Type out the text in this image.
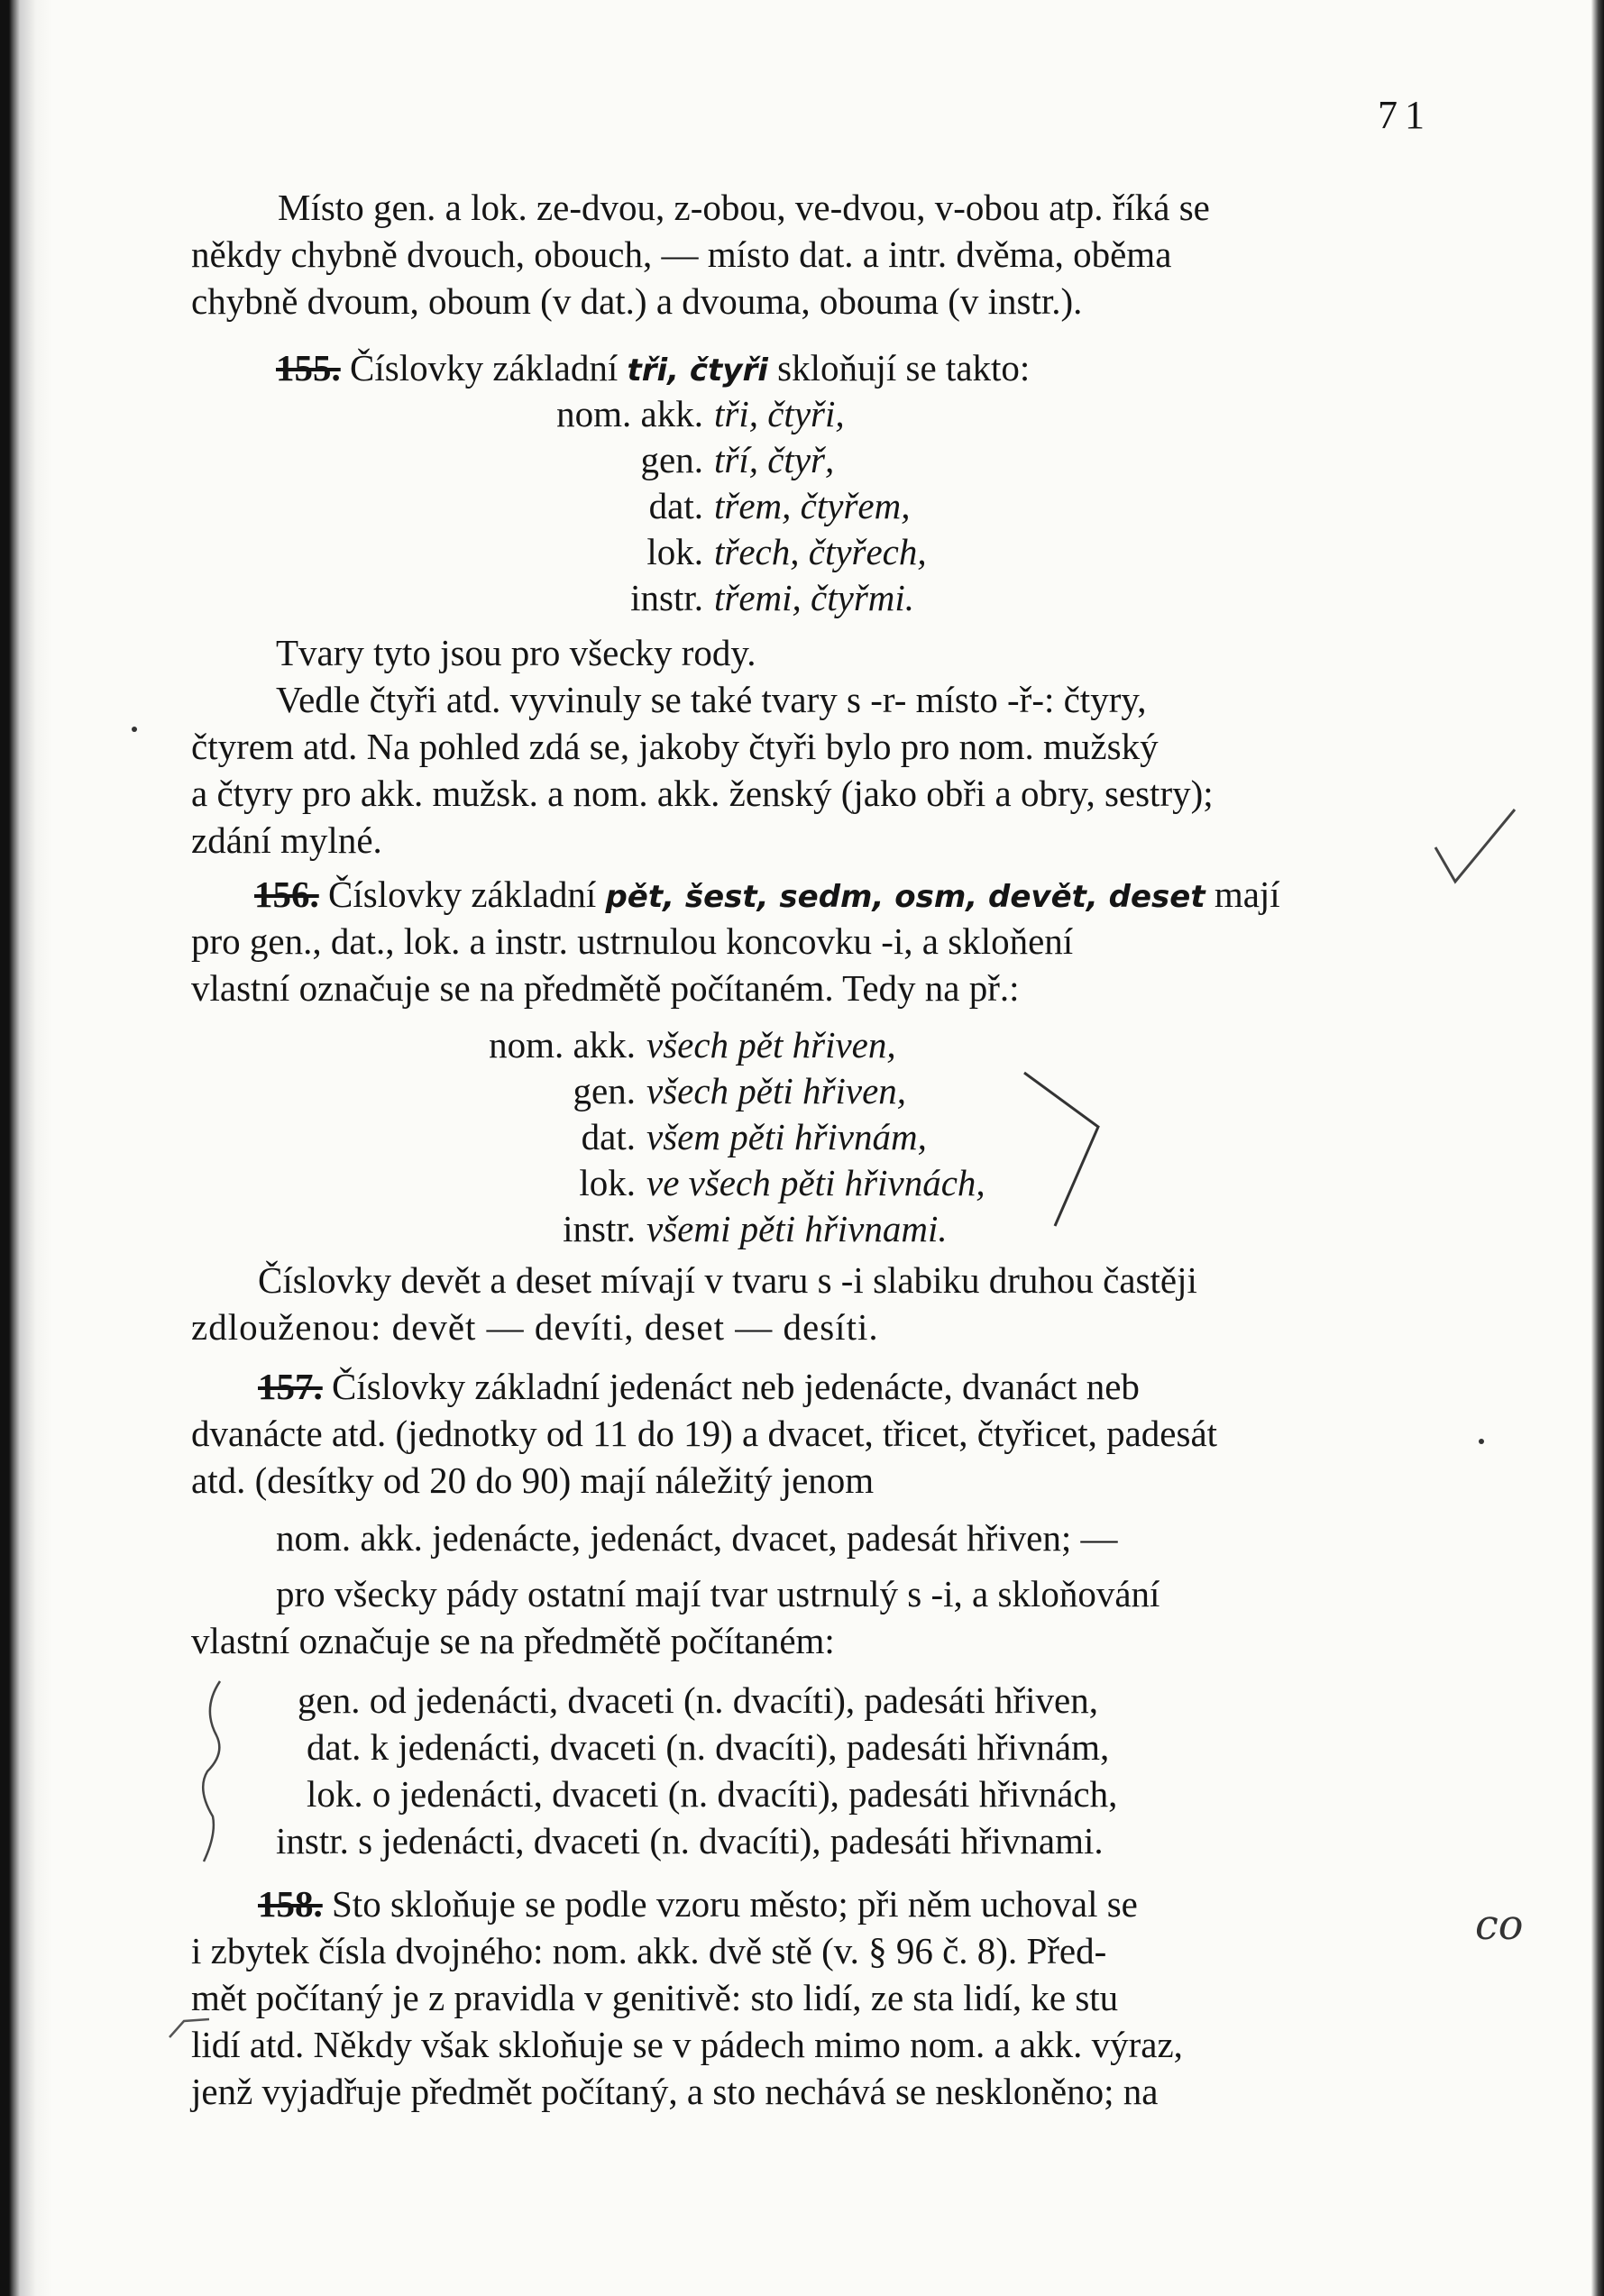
71
Místo gen. a lok. ze-dvou, z-obou, ve-dvou, v-obou atp. říká se
někdy chybně dvouch, obouch, — místo dat. a intr. dvěma, oběma
chybně dvoum, oboum (v dat.) a dvouma, obouma (v instr.).
155. Číslovky základní tři, čtyři skloňují se takto:
nom. akk. tři, čtyři,
gen. tří, čtyř,
dat. třem, čtyřem,
lok. třech, čtyřech,
instr. třemi, čtyřmi.
Tvary tyto jsou pro všecky rody.
Vedle čtyři atd. vyvinuly se také tvary s -r- místo -ř-: čtyry,
čtyrem atd. Na pohled zdá se, jakoby čtyři bylo pro nom. mužský
a čtyry pro akk. mužsk. a nom. akk. ženský (jako obři a obry, sestry);
zdání mylné.
156. Číslovky základní pět, šest, sedm, osm, devět, deset mají
pro gen., dat., lok. a instr. ustrnulou koncovku -i, a skloňení
vlastní označuje se na předmětě počítaném. Tedy na př.:
nom. akk. všech pět hřiven,
gen. všech pěti hřiven,
dat. všem pěti hřivnám,
lok. ve všech pěti hřivnách,
instr. všemi pěti hřivnami.
Číslovky devět a deset mívají v tvaru s -i slabiku druhou častěji
zdlouženou: devět — devíti, deset — desíti.
157. Číslovky základní jedenáct neb jedenácte, dvanáct neb
dvanácte atd. (jednotky od 11 do 19) a dvacet, třicet, čtyřicet, padesát
atd. (desítky od 20 do 90) mají náležitý jenom
nom. akk. jedenácte, jedenáct, dvacet, padesát hřiven; —
pro všecky pády ostatní mají tvar ustrnulý s -i, a skloňování
vlastní označuje se na předmětě počítaném:
gen. od jedenácti, dvaceti (n. dvacíti), padesáti hřiven,
dat. k jedenácti, dvaceti (n. dvacíti), padesáti hřivnám,
lok. o jedenácti, dvaceti (n. dvacíti), padesáti hřivnách,
instr. s jedenácti, dvaceti (n. dvacíti), padesáti hřivnami.
158. Sto skloňuje se podle vzoru město; při něm uchoval se
i zbytek čísla dvojného: nom. akk. dvě stě (v. § 96 č. 8). Před-
mět počítaný je z pravidla v genitivě: sto lidí, ze sta lidí, ke stu
lidí atd. Někdy však skloňuje se v pádech mimo nom. a akk. výraz,
jenž vyjadřuje předmět počítaný, a sto nechává se neskloněno; na
co
